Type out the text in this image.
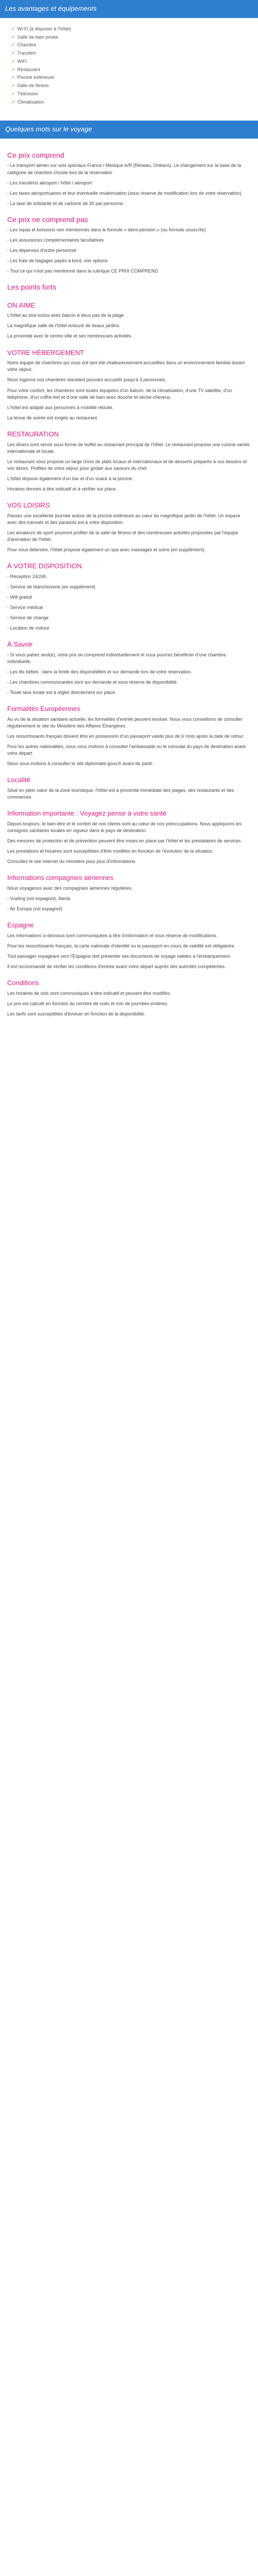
Les avantages et équipements
✓ Wi-Fi (à disposer à l'hôtel)
✓ Salle de bain privée
✓ Chambre
✓ Transfert
✓ WiFi
✓ Restaurant
✓ Piscine extérieure
✓ Salle de fitness
✓ Télévision
✓ Climatisation
Quelques mots sur le voyage
Ce prix comprend

- Le transport aérien sur vols spéciaux France / Mexique A/R (Réseau, Orléans). Le changement sur la base de la catégorie de chambre choisie lors de la réservation

- Les transferts aéroport / hôtel / aéroport

- Les taxes aéroportuaires et leur éventuelle revalorisation (sous réserve de modification lors de votre réservation)

- La taxe de solidarité et de carbone de 30 par personne.

Ce prix ne comprend pas

- Les repas et boissons non mentionnés dans le formule « demi-pension » (ou formule souscrite)

- Les assurances complémentaires facultatives

- Les dépenses d'ordre personnel

- Les frais de bagages payés à bord, voir options

- Tout ce qui n'est pas mentionné dans la rubrique CE PRIX COMPREND

Les points forts
ON AIME

L'hôtel au tout-inclus avec balcon à deux pas de la plage

La magnifique salle de l'hôtel entouré de beaux jardins

La proximité avec le centre-ville et ses nombreuses activités.

VOTRE HÉBERGEMENT

Notre équipe de chambres qui vous ont tant été chaleureusement accueillies dans un environnement familial durant votre séjour.

Nous logeons vos chambres standard pouvant accueillir jusqu'à 3 personnes.

Pour votre confort, les chambres sont toutes équipées d'un balcon, de la climatisation, d'une TV satellite, d'un téléphone, d'un coffre-fort et d'une salle de bain avec douche et sèche-cheveux.

L'hôtel est adapté aux personnes à mobilité réduite.

La tenue de soirée est exigée au restaurant.

RESTAURATION

Les dîners sont servis sous forme de buffet au restaurant principal de l'hôtel. Le restaurant propose une cuisine variée internationale et locale.

Le restaurant vous propose un large choix de plats locaux et internationaux et de desserts préparés à vos besoins et vos désirs. Profitez de votre séjour pour goûter aux saveurs du chef.

L'hôtel dispose également d'un bar et d'un snack à la piscine.

Horaires donnés à titre indicatif et à vérifier sur place.

VOS LOISIRS

Passez une excellente journée autour de la piscine extérieure au cœur du magnifique jardin de l'hôtel. Un espace avec des transats et des parasols est à votre disposition.

Les amateurs de sport pourront profiter de la salle de fitness et des nombreuses activités proposées par l'équipe d'animation de l'hôtel.

Pour vous détendre, l'hôtel propose également un spa avec massages et soins (en supplément).

À VOTRE DISPOSITION

- Réception 24/24h

- Service de blanchisserie (en supplément)

- Wifi gratuit

- Service médical

- Service de change

- Location de voiture

À Savoir

- Si vous partez seul(e), votre prix se comprend individuellement et vous pourrez bénéficier d'une chambre individuelle.

- Les lits bébés : dans la limite des disponibilités et sur demande lors de votre réservation.

- Les chambres communicantes sont sur demande et sous réserve de disponibilité.

- Toute taxe locale est à régler directement sur place.

Formalités Européennes

Au vu de la situation sanitaire actuelle, les formalités d'entrée peuvent évoluer. Nous vous conseillons de consulter régulièrement le site du Ministère des Affaires Étrangères.

Les ressortissants français doivent être en possession d'un passeport valide plus de 6 mois après la date de retour.

Pour les autres nationalités, nous vous invitons à consulter l'ambassade ou le consulat du pays de destination avant votre départ.

Nous vous invitons à consulter le site diplomatie.gouv.fr avant de partir.

Localité

Situé en plein cœur de la zone touristique, l'hôtel est à proximité immédiate des plages, des restaurants et des commerces.

Information importante : Voyagez pense à votre santé

Depuis toujours, le bien-être et le confort de nos clients sont au cœur de nos préoccupations. Nous appliquons les consignes sanitaires locales en vigueur dans le pays de destination.

Des mesures de protection et de prévention peuvent être mises en place par l'hôtel et les prestataires de services.

Les prestations et horaires sont susceptibles d'être modifiés en fonction de l'évolution de la situation.

Consultez le site internet du ministère pour plus d'informations.

Informations compagnies aériennes

Nous voyageons avec des compagnies aériennes régulières.

- Vueling (vol espagnol), Iberia

- Air Europa (vol espagnol)

Espagne

Les informations ci-dessous sont communiquées à titre d'information et sous réserve de modifications.

Pour les ressortissants français, la carte nationale d'identité ou le passeport en cours de validité est obligatoire.

Tout passager voyageant vers l'Espagne doit présenter ses documents de voyage valides à l'embarquement.

Il est recommandé de vérifier les conditions d'entrée avant votre départ auprès des autorités compétentes.

Conditions

Les horaires de vols sont communiqués à titre indicatif et peuvent être modifiés.

Le prix est calculé en fonction du nombre de nuits et non de journées entières.

Les tarifs sont susceptibles d'évoluer en fonction de la disponibilité.
